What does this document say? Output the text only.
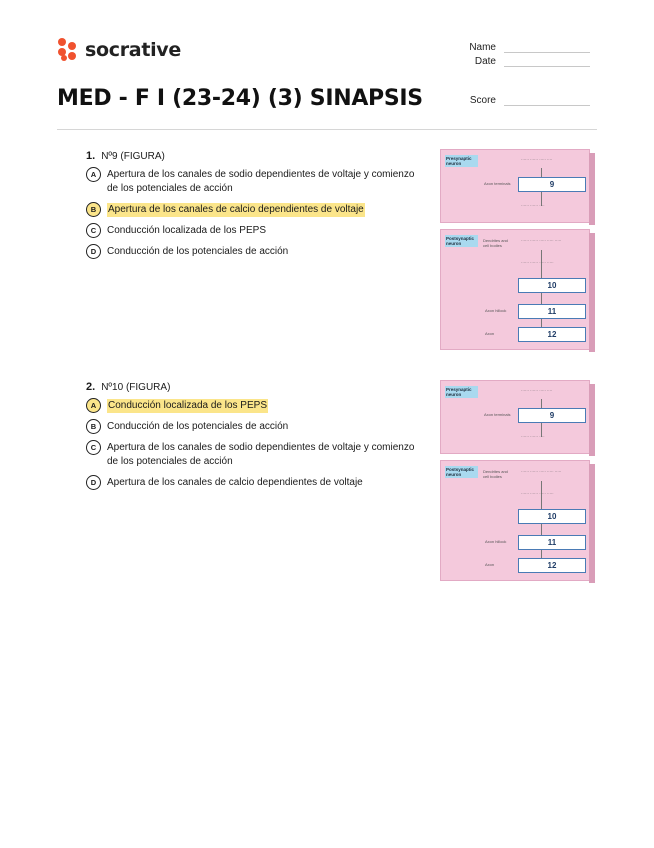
socrative	Name
Date
Score
MED - F I (23-24) (3) SINAPSIS
1. Nº9 (FIGURA)
A	Apertura de los canales de sodio dependientes de voltaje y comienzo de los potenciales de acción
B	Apertura de los canales de calcio dependientes de voltaje
C	Conducción localizada de los PEPS
D	Conducción de los potenciales de acción
2. Nº10 (FIGURA)
A	Conducción localizada de los PEPS
B	Conducción de los potenciales de acción
C	Apertura de los canales de sodio dependientes de voltaje y comienzo de los potenciales de acción
D	Apertura de los canales de calcio dependientes de voltaje
Presynaptic neuron
······ ······ ····· ····
Axon terminals	9
······ ······ ····
Postsynaptic neuron
Dendrites and cell bodies
······ ······ ····· ····· ·····
······ ······ ····· ·····
10
Axon hillock	11
Axon	12
Presynaptic neuron
······ ······ ····· ····
Axon terminals	9
······ ······ ····
Postsynaptic neuron
Dendrites and cell bodies
······ ······ ····· ····· ·····
······ ······ ····· ·····
10
Axon hillock	11
Axon	12
